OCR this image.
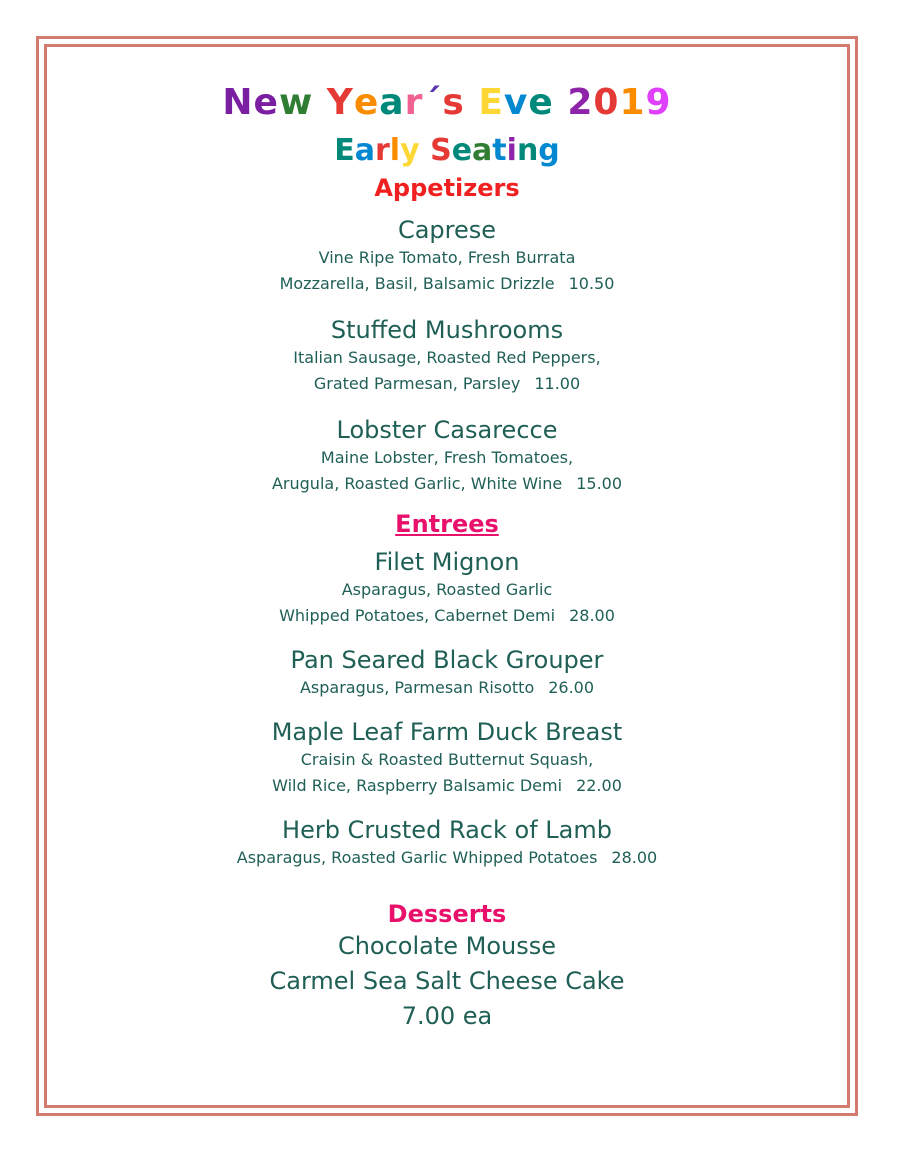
New Year´s Eve 2019
Early Seating
Appetizers

Caprese

Vine Ripe Tomato, Fresh Burrata

Mozzarella, Basil, Balsamic Drizzle 10.50

Stuffed Mushrooms

Italian Sausage, Roasted Red Peppers,

Grated Parmesan, Parsley 11.00

Lobster Casarecce

Maine Lobster, Fresh Tomatoes,

Arugula, Roasted Garlic, White Wine 15.00

Entrees

Filet Mignon

Asparagus, Roasted Garlic

Whipped Potatoes, Cabernet Demi 28.00

Pan Seared Black Grouper

Asparagus, Parmesan Risotto 26.00

Maple Leaf Farm Duck Breast

Craisin & Roasted Butternut Squash,

Wild Rice, Raspberry Balsamic Demi 22.00

Herb Crusted Rack of Lamb

Asparagus, Roasted Garlic Whipped Potatoes 28.00

Desserts

Chocolate Mousse

Carmel Sea Salt Cheese Cake

7.00 ea
